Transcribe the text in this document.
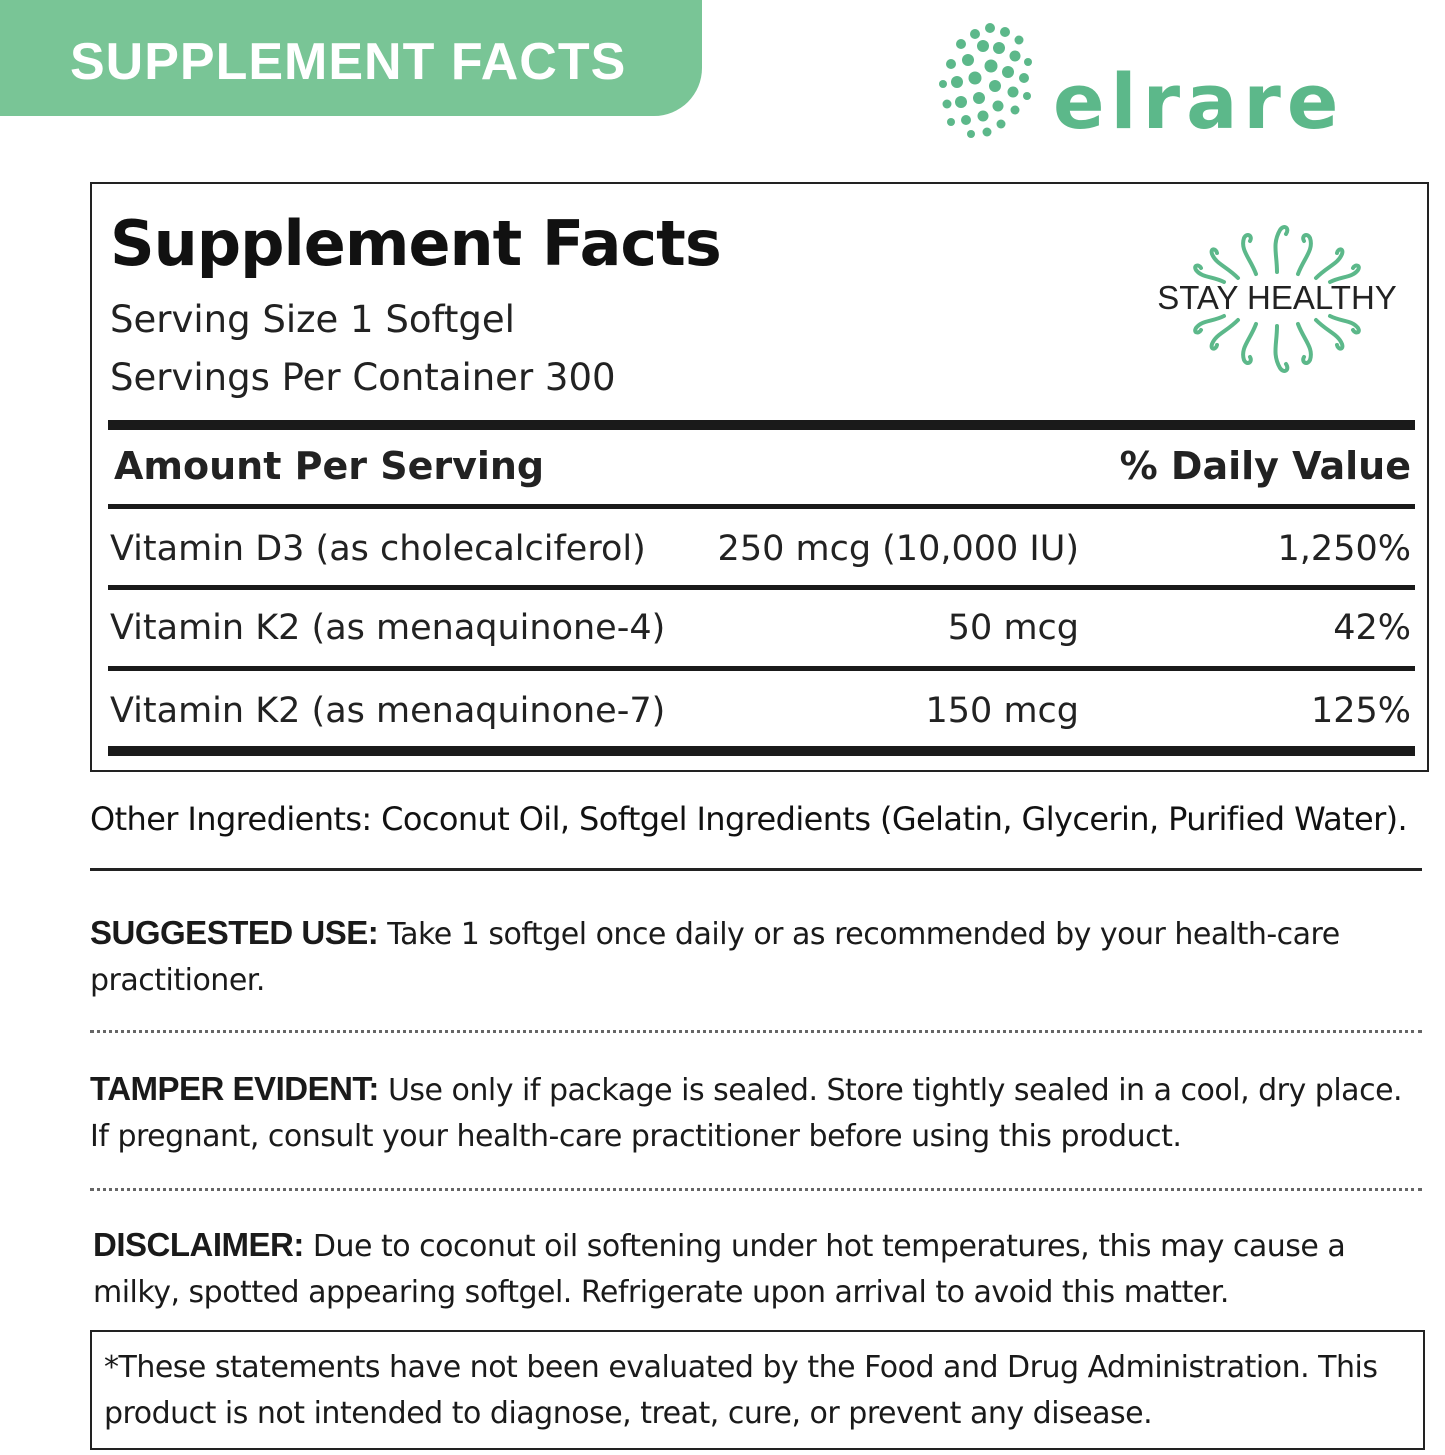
SUPPLEMENT FACTS	elrare
Supplement Facts
Serving Size 1 Softgel
Servings Per Container 300
STAY HEALTHY
Amount Per Serving	% Daily Value
Vitamin D3 (as cholecalciferol) 250 mcg (10,000 IU)	1,250%
Vitamin K2 (as menaquinone-4)	50 mcg	42%
Vitamin K2 (as menaquinone-7)	150 mcg	125%
Other Ingredients: Coconut Oil, Softgel Ingredients (Gelatin, Glycerin, Purified Water).
SUGGESTED USE: Take 1 softgel once daily or as recommended by your health-care practitioner.
TAMPER EVIDENT: Use only if package is sealed. Store tightly sealed in a cool, dry place. If pregnant, consult your health-care practitioner before using this product.
DISCLAIMER: Due to coconut oil softening under hot temperatures, this may cause a milky, spotted appearing softgel. Refrigerate upon arrival to avoid this matter.
*These statements have not been evaluated by the Food and Drug Administration. This product is not intended to diagnose, treat, cure, or prevent any disease.
